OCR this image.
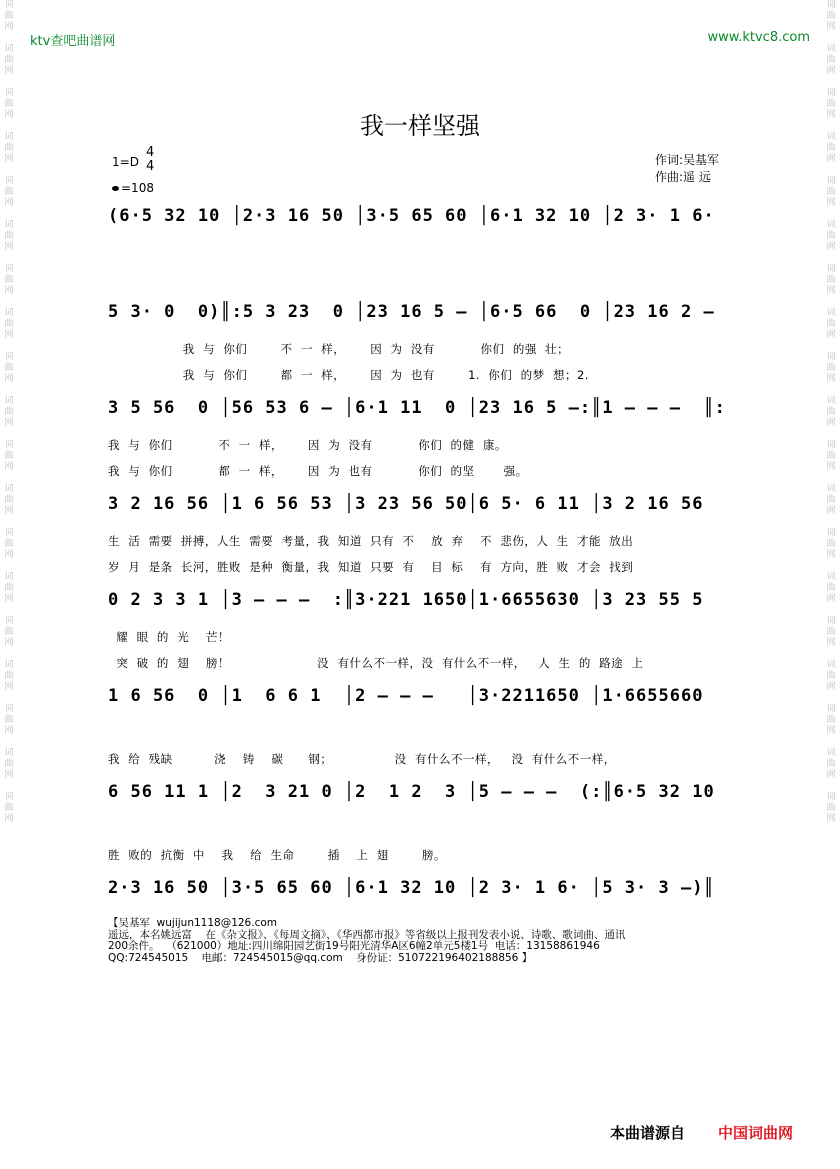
词
曲
网

词
曲
网

词
曲
网

词
曲
网

词
曲
网

词
曲
网

词
曲
网

词
曲
网

词
曲
网

词
曲
网

词
曲
网

词
曲
网

词
曲
网

词
曲
网

词
曲
网

词
曲
网

词
曲
网

词
曲
网

词
曲
网
词
曲
网

词
曲
网

词
曲
网

词
曲
网

词
曲
网

词
曲
网

词
曲
网

词
曲
网

词
曲
网

词
曲
网

词
曲
网

词
曲
网

词
曲
网

词
曲
网

词
曲
网

词
曲
网

词
曲
网

词
曲
网

词
曲
网
ktv查吧曲谱网	www.ktvc8.com
我一样坚强
1=D
4
4
=108
作词:吴基军
作曲:遥 远
(6·5 32 10 │2·3 16 50 │3·5 65 60 │6·1 32 10 │2 3· 1 6·
5 3· 0  0)║:5 3 23  0 │23 16 5 – │6·5 66  0 │23 16 2 –
我  与  你们        不  一  样，      因  为  没有           你们  的强  壮；
我  与  你们        都  一  样，      因  为  也有        1.  你们  的梦  想；2.
3 5 56  0 │56 53 6 – │6·1 11  0 │23 16 5 –:║1 – – –  ║:
我  与  你们           不  一  样，      因  为  没有           你们  的健  康。
我  与  你们           都  一  样，      因  为  也有           你们  的坚       强。
3 2 16 56 │1 6 56 53 │3 23 56 50│6 5· 6 11 │3 2 16 56
生  活  需要  拼搏，人生  需要  考量，我  知道  只有  不    放  弃    不  悲伤，人  生  才能  放出
岁  月  是条  长河，胜败  是种  衡量，我  知道  只要  有    目  标    有  方向，胜  败  才会  找到
0 2 3 3 1 │3 – – –  :║3·221 1650│1·6655630 │3 23 55 5
耀  眼  的  光    芒！
突  破  的  翅    膀！                     没  有什么不一样，没  有什么不一样，   人  生  的  路途  上
1 6 56  0 │1  6 6 1  │2 – – –   │3·2211650 │1·6655660
我  给  残缺          浇    铸    碳      钢；               没  有什么不一样，   没  有什么不一样，
6 56 11 1 │2  3 21 0 │2  1 2  3 │5 – – –  (:║6·5 32 10
胜  败的  抗衡  中    我    给  生命        插    上  翅        膀。
2·3 16 50 │3·5 65 60 │6·1 32 10 │2 3· 1 6· │5 3· 3 –)║
【吴基军  wujijun1118@126.com
遥远，本名姚远富    在《杂文报》、《每周文摘》、《华西都市报》等省级以上报刊发表小说、诗歌、歌词曲、通讯
200余件。  （621000）地址:四川绵阳园艺街19号阳光清华A区6幢2单元5楼1号  电话：13158861946
QQ:724545015    电邮：724545015@qq.com    身份证：510722196402188856 】
本曲谱源自 中国词曲网
